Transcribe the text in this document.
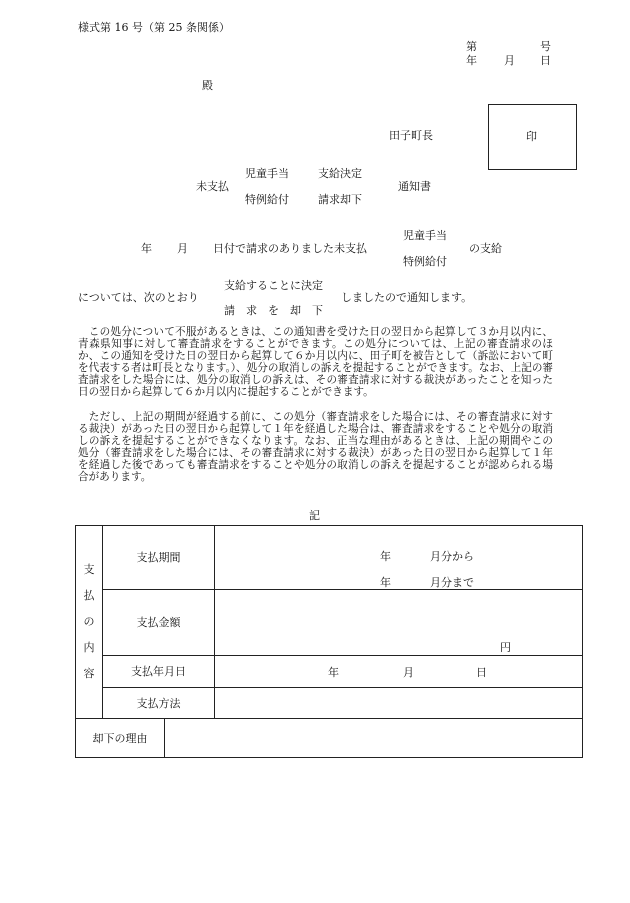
様式第 16 号（第 25 条関係）
第	号
年 月 日
殿
田子町長	印
未支払
児童手当
特例給付
支給決定
請求却下
通知書
児童手当
年 月 日付で請求のありました未支払	の支給
特例給付
支給することに決定
については、次のとおり	しましたので通知します。
請　求　を　却　下
　この処分について不服があるときは、この通知書を受けた日の翌日から起算して３か月以内に、青森県知事に対して審査請求をすることができます。この処分については、上記の審査請求のほか、この通知を受けた日の翌日から起算して６か月以内に、田子町を被告として（訴訟において町を代表する者は町長となります。）、処分の取消しの訴えを提起することができます。なお、上記の審査請求をした場合には、処分の取消しの訴えは、その審査請求に対する裁決があったことを知った日の翌日から起算して６か月以内に提起することができます。
　ただし、上記の期間が経過する前に、この処分（審査請求をした場合には、その審査請求に対する裁決）があった日の翌日から起算して１年を経過した場合は、審査請求をすることや処分の取消しの訴えを提起することができなくなります。なお、正当な理由があるときは、上記の期間やこの処分（審査請求をした場合には、その審査請求に対する裁決）があった日の翌日から起算して１年を経過した後であっても審査請求をすることや処分の取消しの訴えを提起することが認められる場合があります。
記
支
払
の
内
容	支払期間		年 月分から
年 月分まで

	支払金額		円

	支払年月日		年 月 日

	支払方法		
却下の理由			
